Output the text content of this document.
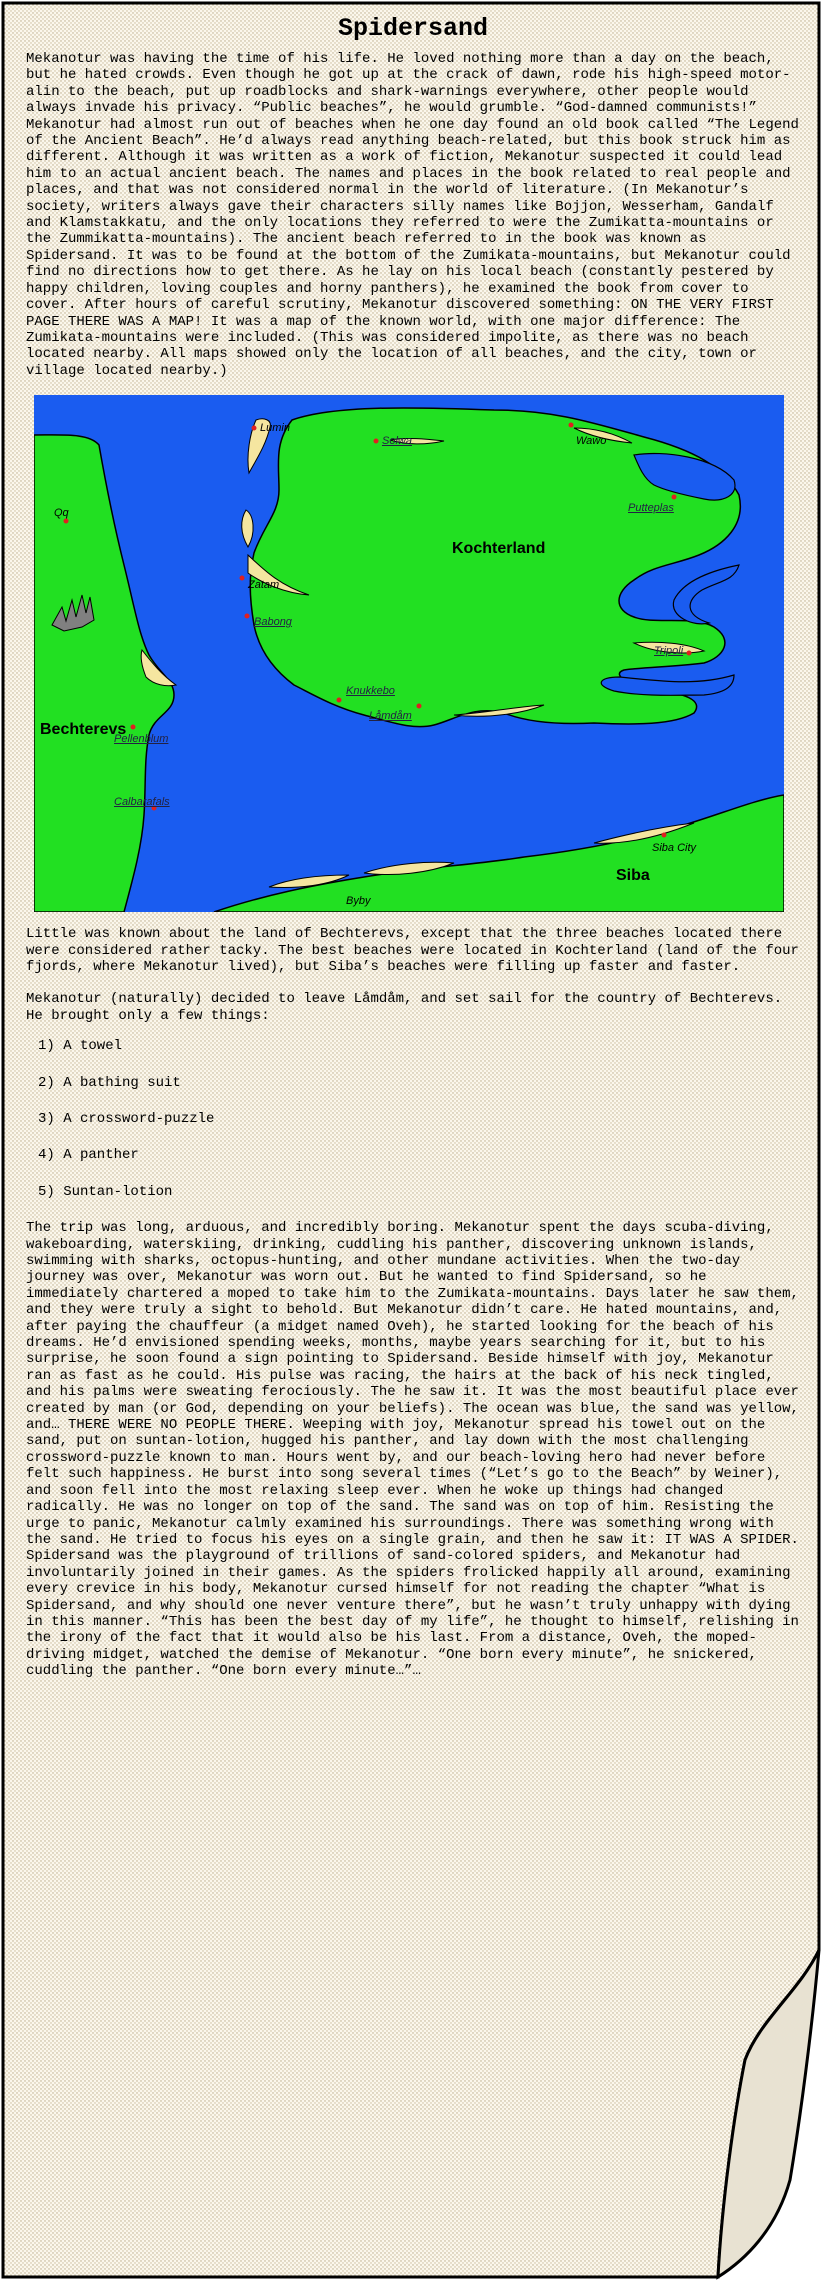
Spidersand
Mekanotur was having the time of his life. He loved nothing more than a day on the beach, but he hated crowds. Even though he got up at the crack of dawn, rode his high-speed motor-alin to the beach, put up roadblocks and shark-warnings everywhere, other people would always invade his privacy. “Public beaches”, he would grumble. “God-damned communists!” Mekanotur had almost run out of beaches when he one day found an old book called “The Legend of the Ancient Beach”. He’d always read anything beach-related, but this book struck him as different. Although it was written as a work of fiction, Mekanotur suspected it could lead him to an actual ancient beach. The names and places in the book related to real people and places, and that was not considered normal in the world of literature. (In Mekanotur’s society, writers always gave their characters silly names like Bojjon, Wesserham, Gandalf and Klamstakkatu, and the only locations they referred to were the Zumikatta-mountains or the Zummikatta-mountains). The ancient beach referred to in the book was known as Spidersand. It was to be found at the bottom of the Zumikata-mountains, but Mekanotur could find no directions how to get there. As he lay on his local beach (constantly pestered by happy children, loving couples and horny panthers), he examined the book from cover to cover. After hours of careful scrutiny, Mekanotur discovered something: ON THE VERY FIRST PAGE THERE WAS A MAP! It was a map of the known world, with one major difference: The Zumikata-mountains were included. (This was considered impolite, as there was no beach located nearby. All maps showed only the location of all beaches, and the city, town or village located nearby.)
Lumin
Solwa	Wawo
Putteplas
Qq
Zatam
Babong
Tripoli
Knukkebo
Låmdåm
Pellenblum
Calbarafals
Siba City
Byby
Kochterland
Bechterevs
Siba
Little was known about the land of Bechterevs, except that the three beaches located there were considered rather tacky. The best beaches were located in Kochterland (land of the four fjords, where Mekanotur lived), but Siba’s beaches were filling up faster and faster.
Mekanotur (naturally) decided to leave Låmdåm, and set sail for the country of Bechterevs. He brought only a few things:
1) A towel
2) A bathing suit
3) A crossword-puzzle
4) A panther
5) Suntan-lotion
The trip was long, arduous, and incredibly boring. Mekanotur spent the days scuba-diving, wakeboarding, waterskiing, drinking, cuddling his panther, discovering unknown islands, swimming with sharks, octopus-hunting, and other mundane activities. When the two-day journey was over, Mekanotur was worn out. But he wanted to find Spidersand, so he immediately chartered a moped to take him to the Zumikata-mountains. Days later he saw them, and they were truly a sight to behold. But Mekanotur didn’t care. He hated mountains, and, after paying the chauffeur (a midget named Oveh), he started looking for the beach of his dreams. He’d envisioned spending weeks, months, maybe years searching for it, but to his surprise, he soon found a sign pointing to Spidersand. Beside himself with joy, Mekanotur ran as fast as he could. His pulse was racing, the hairs at the back of his neck tingled, and his palms were sweating ferociously. The he saw it. It was the most beautiful place ever created by man (or God, depending on your beliefs). The ocean was blue, the sand was yellow, and… THERE WERE NO PEOPLE THERE. Weeping with joy, Mekanotur spread his towel out on the sand, put on suntan-lotion, hugged his panther, and lay down with the most challenging crossword-puzzle known to man. Hours went by, and our beach-loving hero had never before felt such happiness. He burst into song several times (“Let’s go to the Beach” by Weiner), and soon fell into the most relaxing sleep ever. When he woke up things had changed radically. He was no longer on top of the sand. The sand was on top of him. Resisting the urge to panic, Mekanotur calmly examined his surroundings. There was something wrong with the sand. He tried to focus his eyes on a single grain, and then he saw it: IT WAS A SPIDER. Spidersand was the playground of trillions of sand-colored spiders, and Mekanotur had involuntarily joined in their games. As the spiders frolicked happily all around, examining every crevice in his body, Mekanotur cursed himself for not reading the chapter “What is Spidersand, and why should one never venture there”, but he wasn’t truly unhappy with dying in this manner. “This has been the best day of my life”, he thought to himself, relishing in the irony of the fact that it would also be his last. From a distance, Oveh, the moped-driving midget, watched the demise of Mekanotur. “One born every minute”, he snickered, cuddling the panther. “One born every minute…”…
